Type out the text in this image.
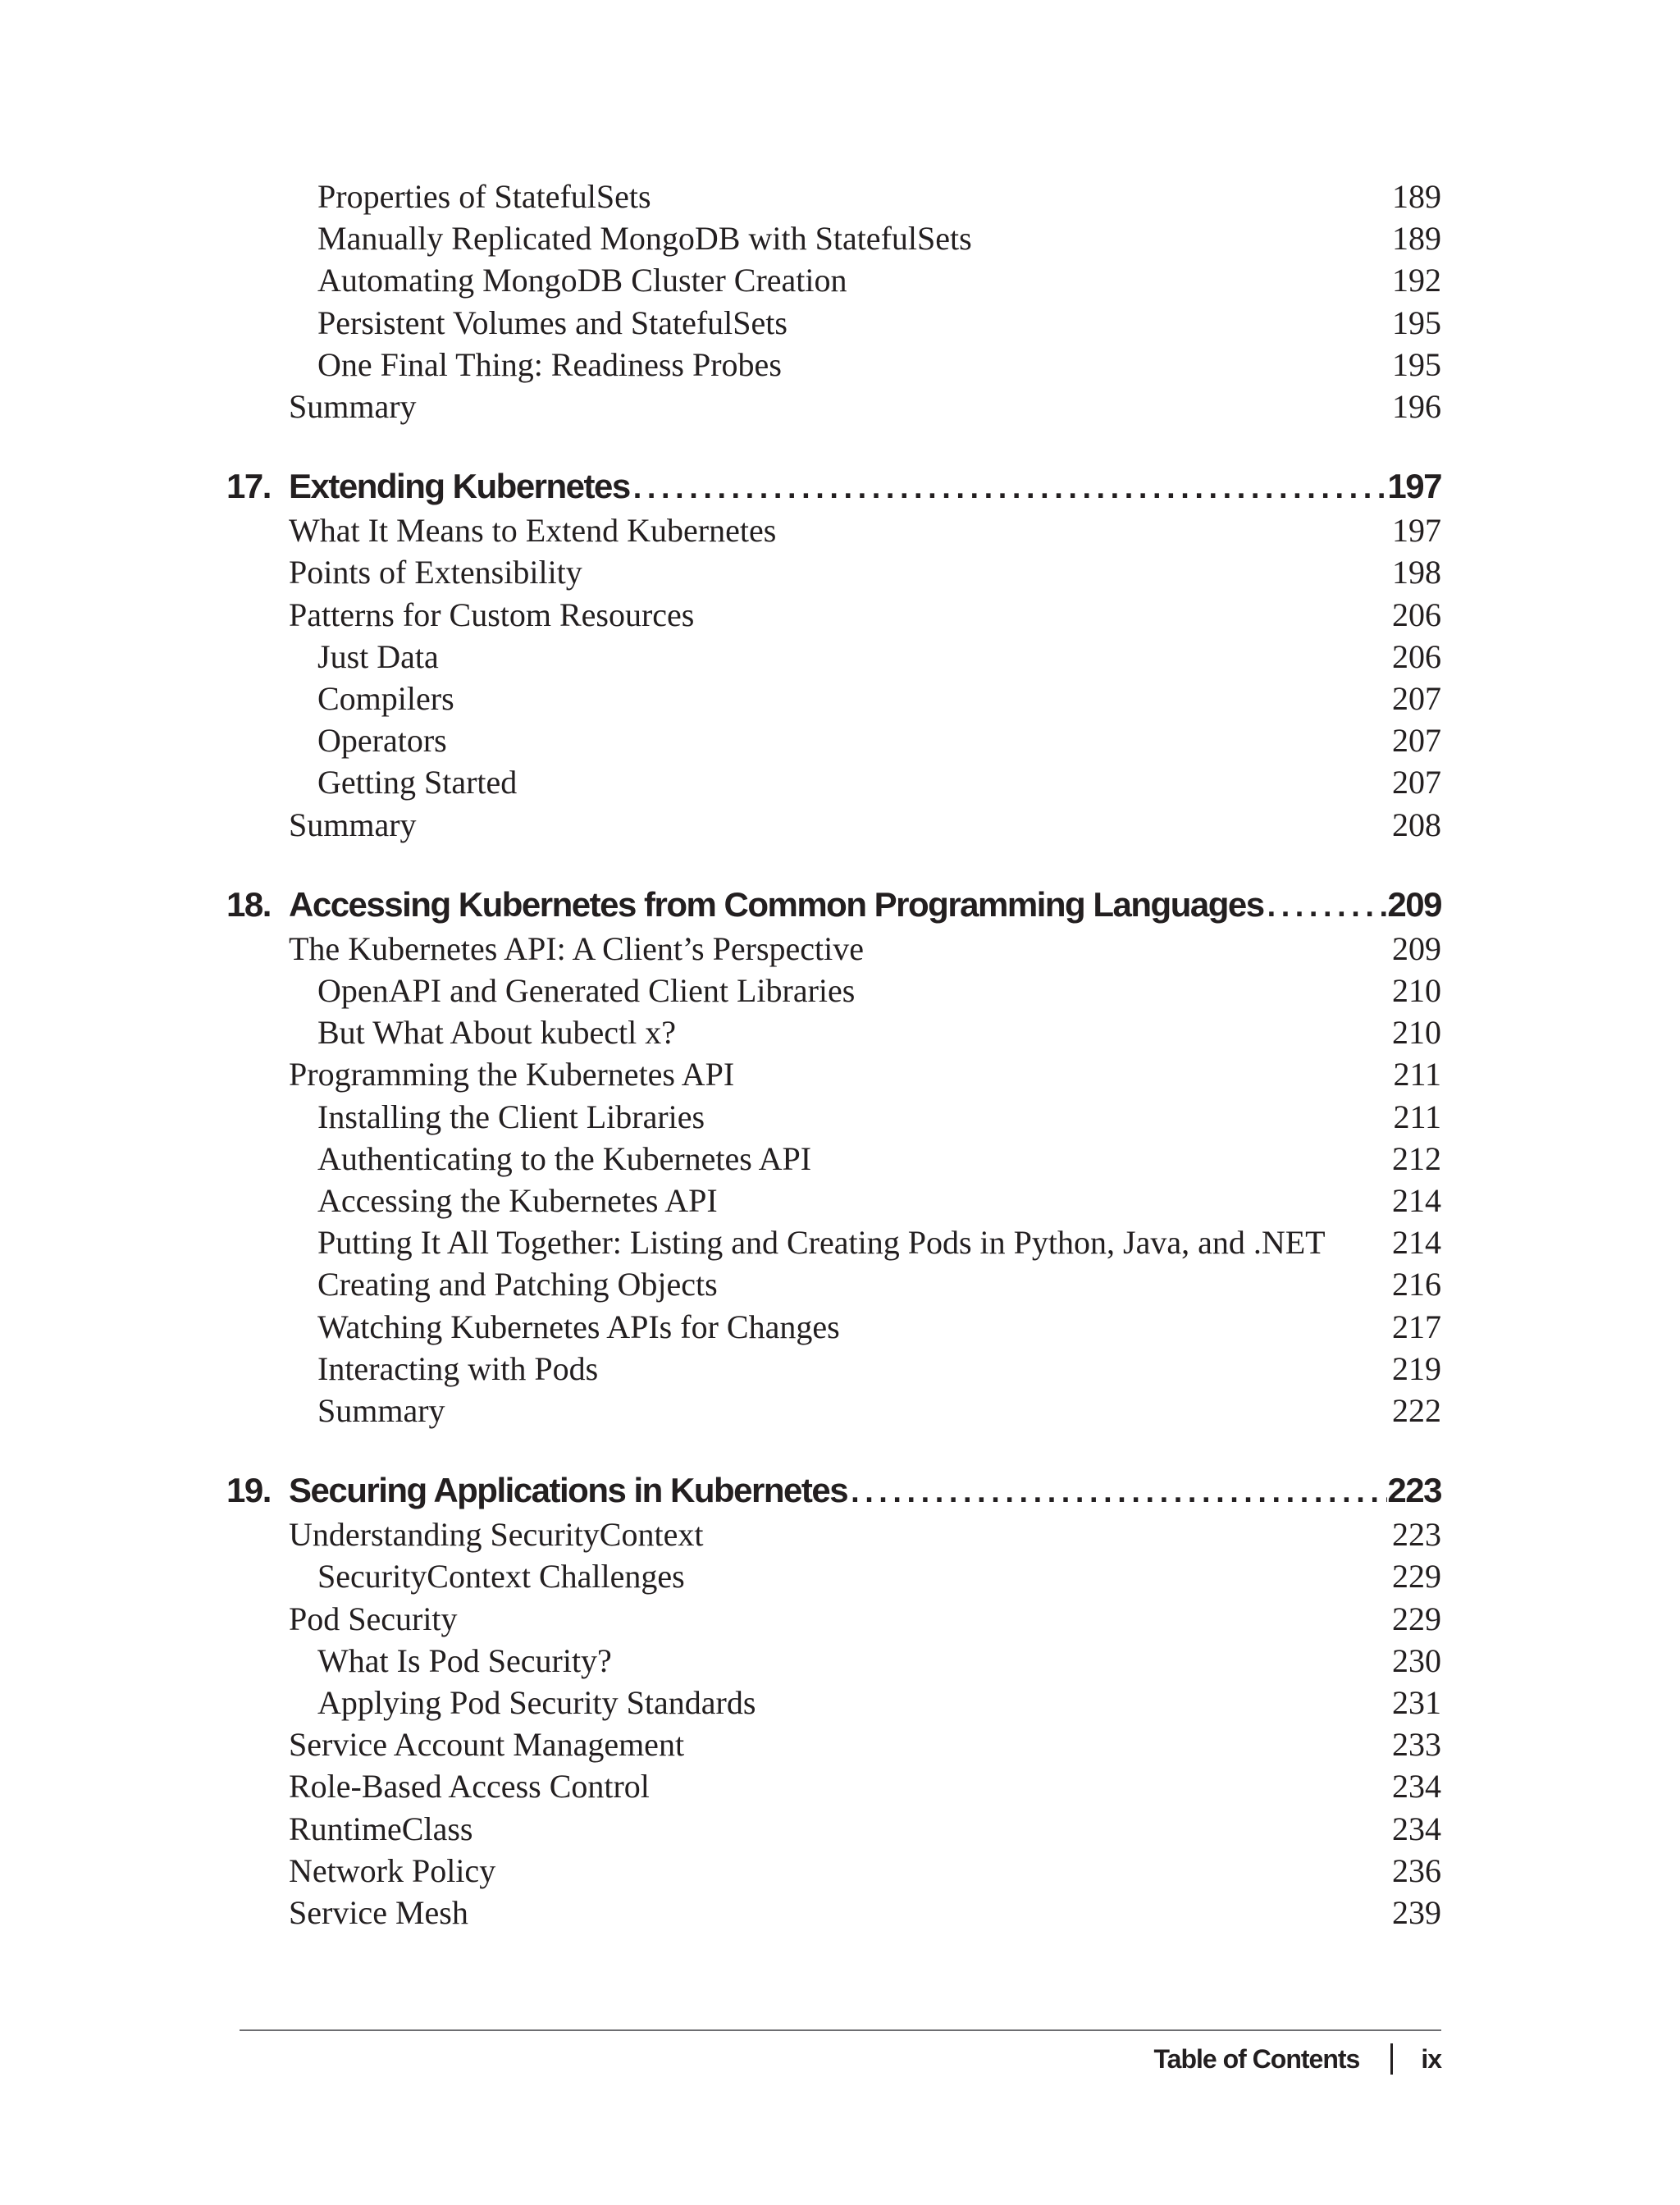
Properties of StatefulSets	189
Manually Replicated MongoDB with StatefulSets	189
Automating MongoDB Cluster Creation	192
Persistent Volumes and StatefulSets	195
One Final Thing: Readiness Probes	195
Summary	196
17. Extending Kubernetes . . .	197
What It Means to Extend Kubernetes	197
Points of Extensibility	198
Patterns for Custom Resources	206
Just Data	206
Compilers	207
Operators	207
Getting Started	207
Summary	208
18. Accessing Kubernetes from Common Programming Languages . . .	209
The Kubernetes API: A Client’s Perspective	209
OpenAPI and Generated Client Libraries	210
But What About kubectl x?	210
Programming the Kubernetes API	211
Installing the Client Libraries	211
Authenticating to the Kubernetes API	212
Accessing the Kubernetes API	214
Putting It All Together: Listing and Creating Pods in Python, Java, and .NET 214
Creating and Patching Objects	216
Watching Kubernetes APIs for Changes	217
Interacting with Pods	219
Summary	222
19. Securing Applications in Kubernetes . . .	223
Understanding SecurityContext	223
SecurityContext Challenges	229
Pod Security	229
What Is Pod Security?	230
Applying Pod Security Standards	231
Service Account Management	233
Role-Based Access Control	234
RuntimeClass	234
Network Policy	236
Service Mesh	239
Table of Contents ix
